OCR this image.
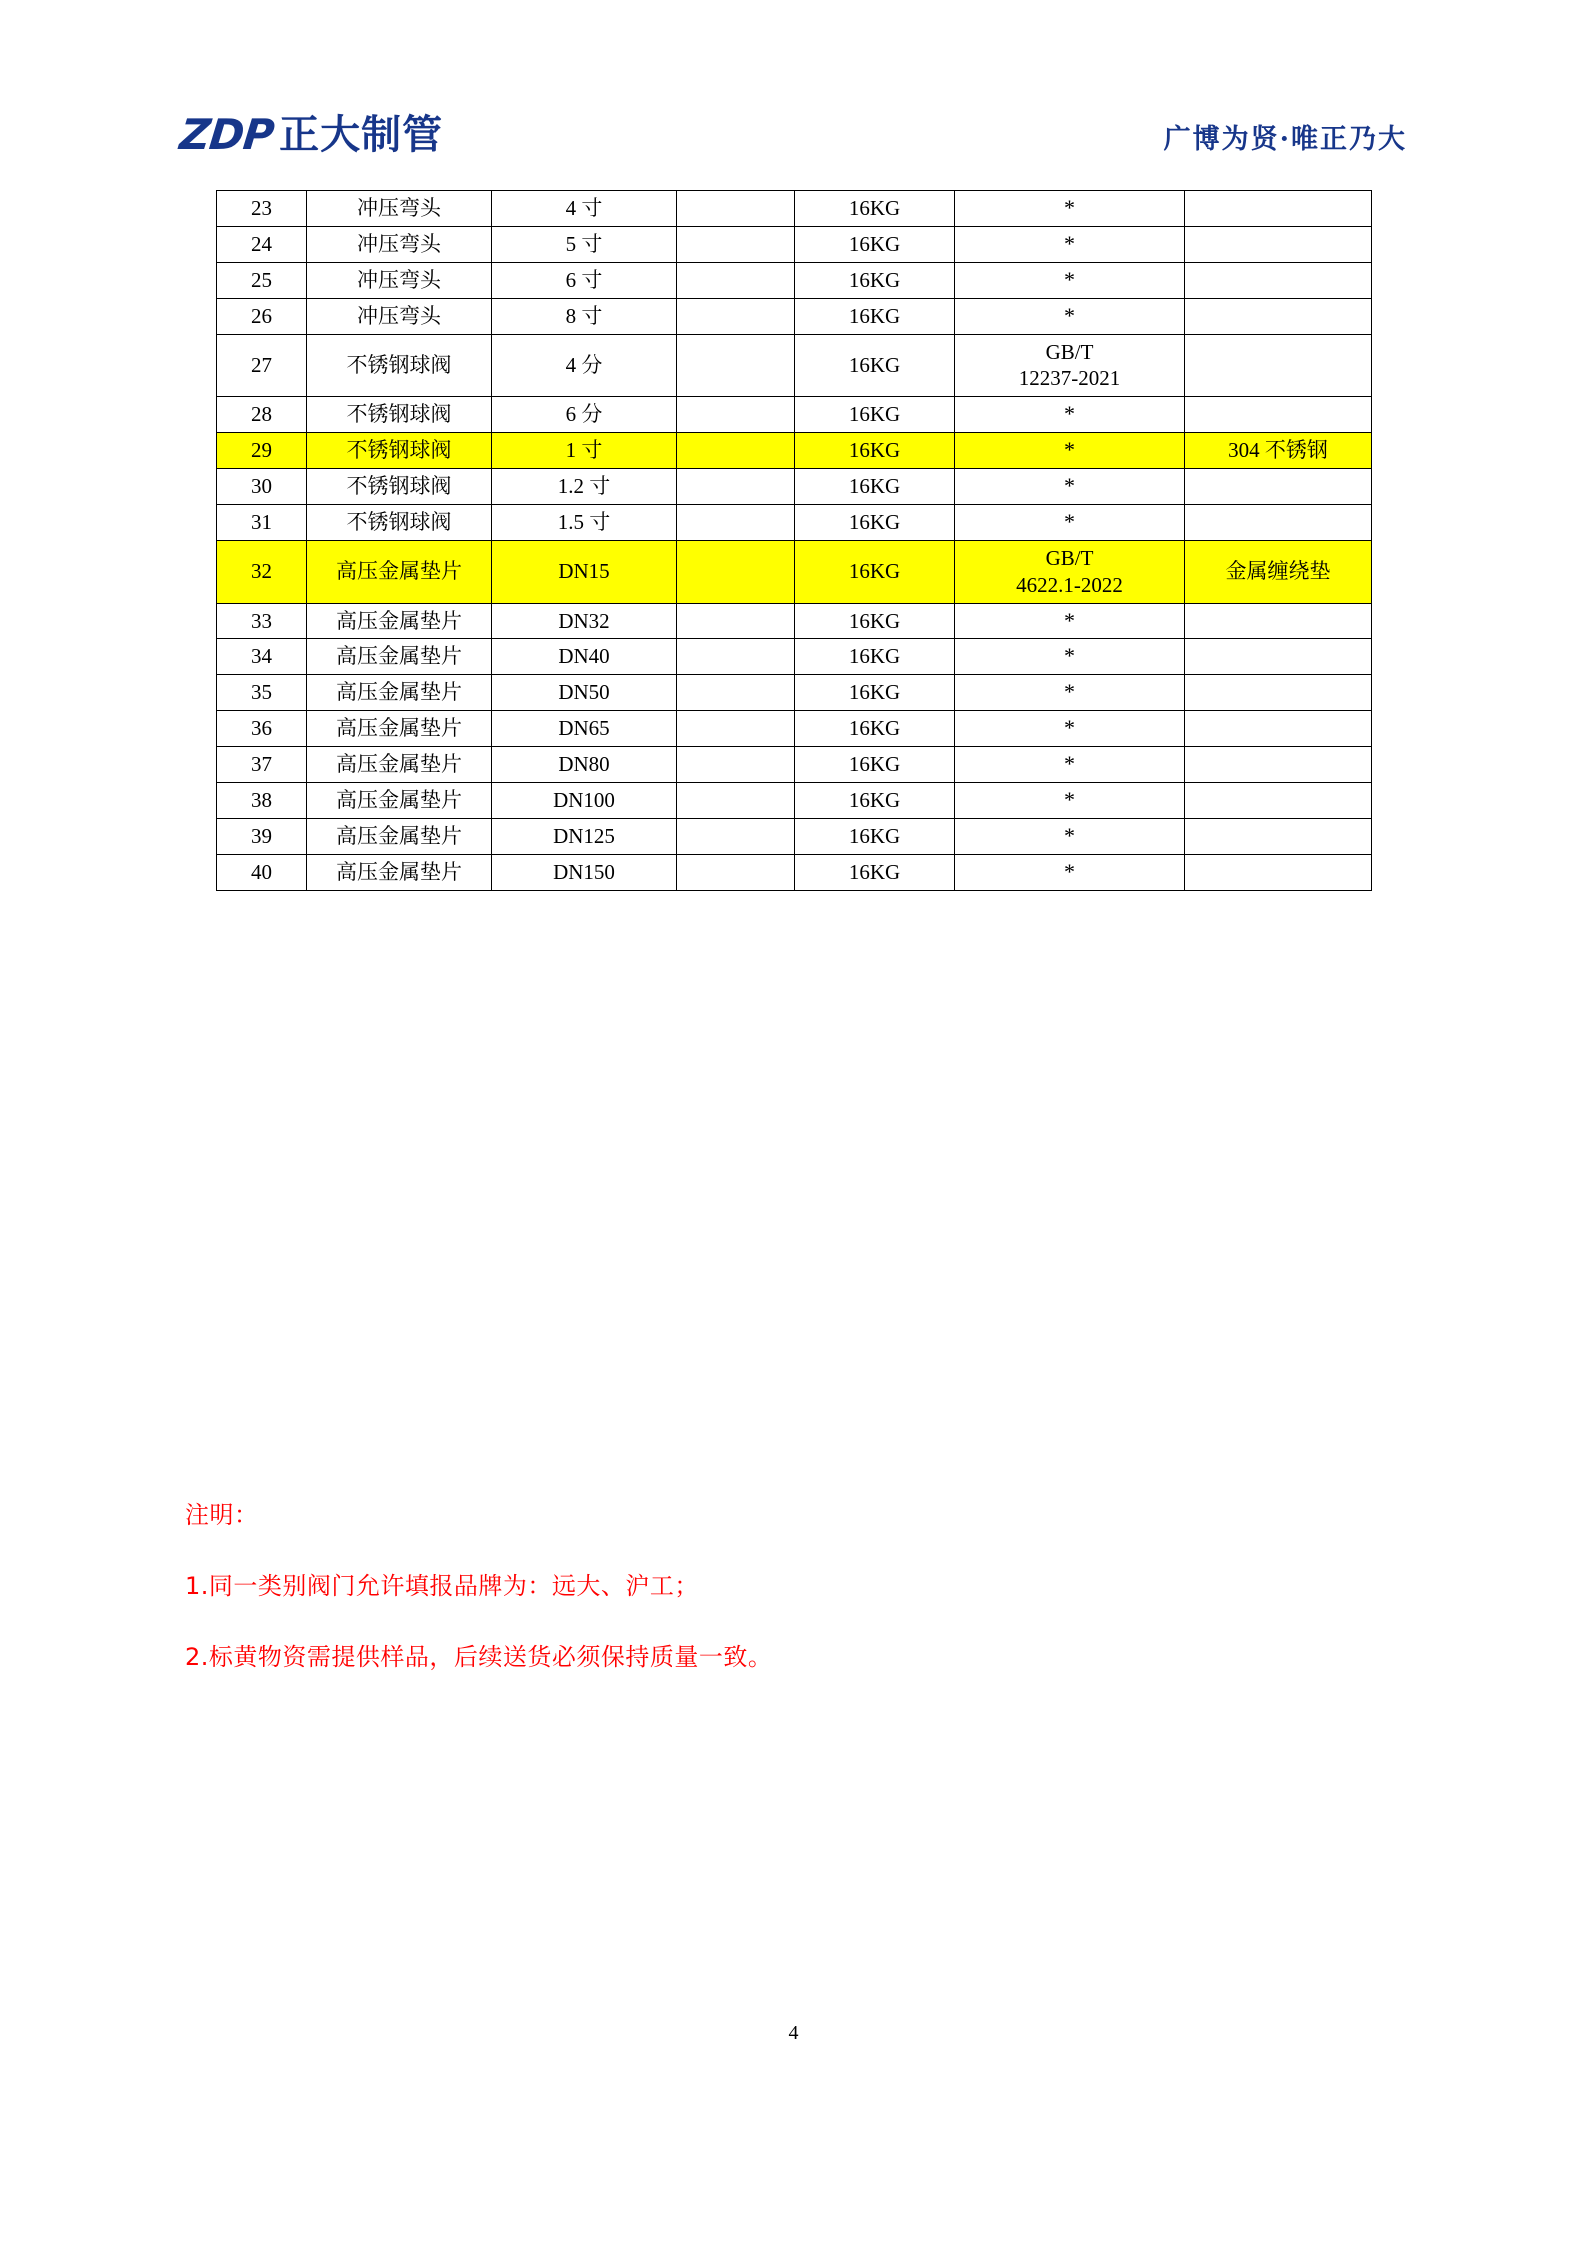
ZDP 正大制管	广博为贤·唯正乃大
23	冲压弯头	4 寸		16KG	*	
24	冲压弯头	5 寸		16KG	*	
25	冲压弯头	6 寸		16KG	*	
26	冲压弯头	8 寸		16KG	*	
27	不锈钢球阀	4 分		16KG	GB/T
12237-2021	

28	不锈钢球阀	6 分		16KG	*	
29	不锈钢球阀	1 寸		16KG	*	304 不锈钢
30	不锈钢球阀	1.2 寸		16KG	*	
31	不锈钢球阀	1.5 寸		16KG	*	
32	高压金属垫片	DN15		16KG	GB/T
4622.1-2022	金属缠绕垫
33	高压金属垫片	DN32		16KG	*	
34	高压金属垫片	DN40		16KG	*	
35	高压金属垫片	DN50		16KG	*	
36	高压金属垫片	DN65		16KG	*	
37	高压金属垫片	DN80		16KG	*	
38	高压金属垫片	DN100		16KG	*	
39	高压金属垫片	DN125		16KG	*	
40	高压金属垫片	DN150		16KG	*	
注明：
1.同一类别阀门允许填报品牌为：远大、沪工；
2.标黄物资需提供样品，后续送货必须保持质量一致。
4
